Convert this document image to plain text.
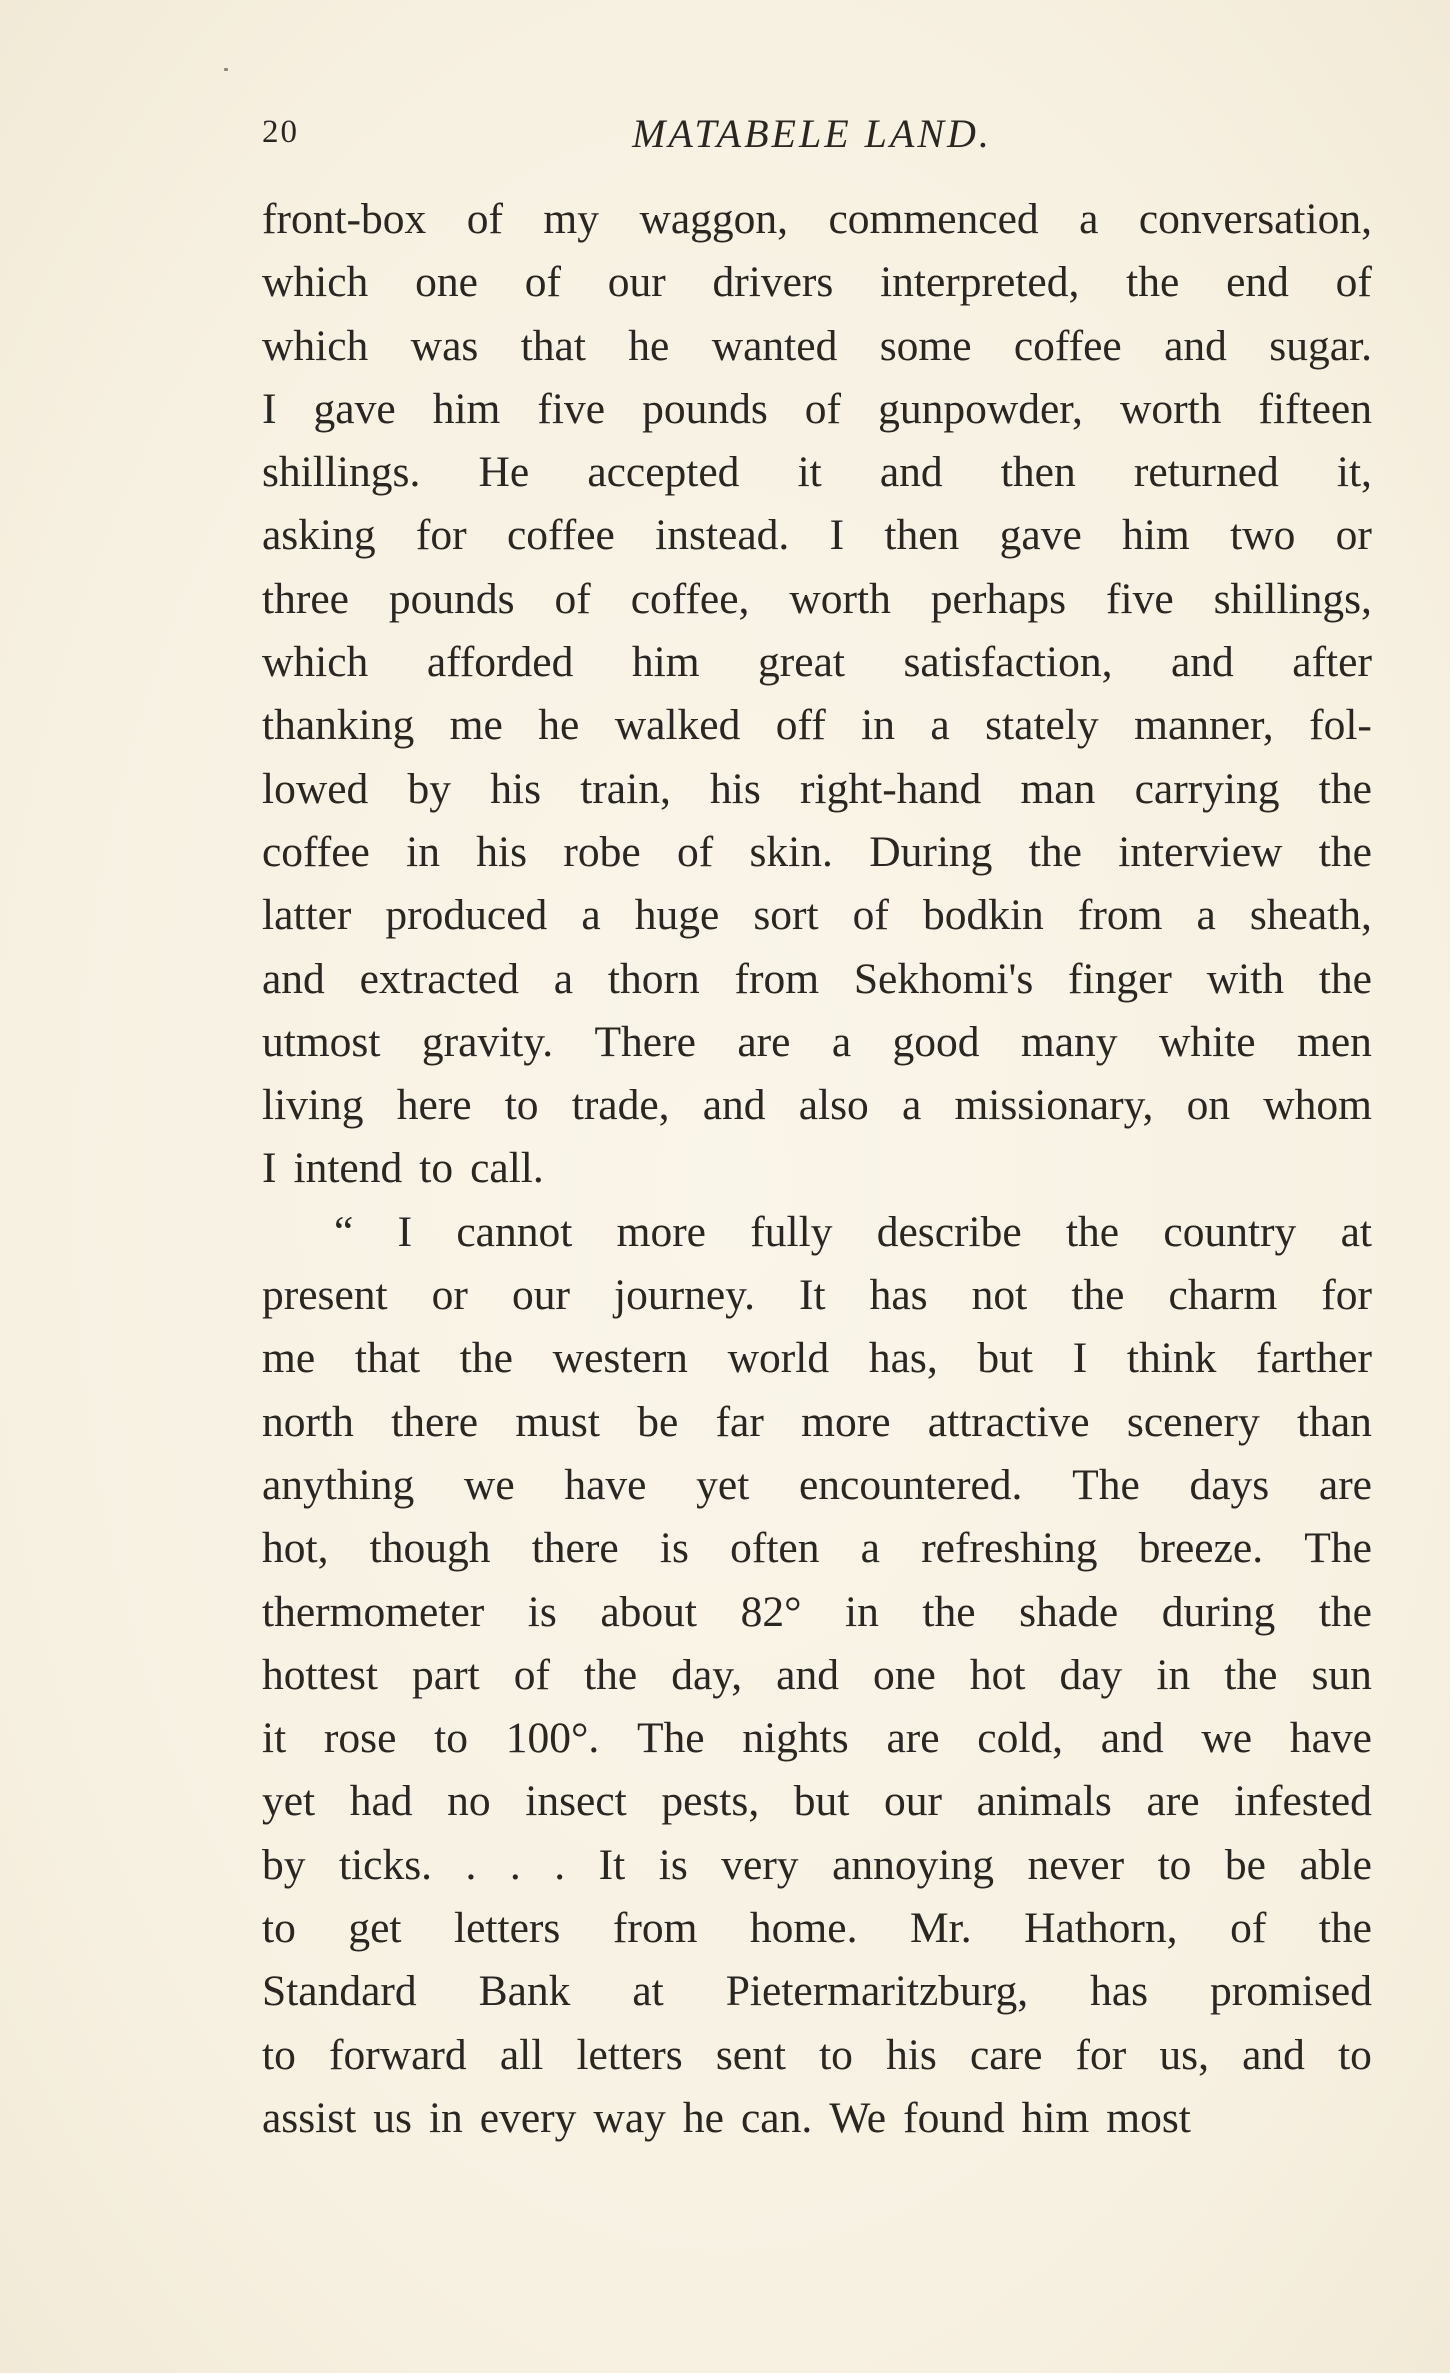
20	MATABELE LAND.
front-box of my waggon, commenced a conversation,
which one of our drivers interpreted, the end of
which was that he wanted some coffee and sugar.
I gave him five pounds of gunpowder, worth fifteen
shillings. He accepted it and then returned it,
asking for coffee instead. I then gave him two or
three pounds of coffee, worth perhaps five shillings,
which afforded him great satisfaction, and after
thanking me he walked off in a stately manner, fol-
lowed by his train, his right-hand man carrying the
coffee in his robe of skin. During the interview the
latter produced a huge sort of bodkin from a sheath,
and extracted a thorn from Sekhomi's finger with the
utmost gravity. There are a good many white men
living here to trade, and also a missionary, on whom
I intend to call.
“ I cannot more fully describe the country at
present or our journey. It has not the charm for
me that the western world has, but I think farther
north there must be far more attractive scenery than
anything we have yet encountered. The days are
hot, though there is often a refreshing breeze. The
thermometer is about 82° in the shade during the
hottest part of the day, and one hot day in the sun
it rose to 100°. The nights are cold, and we have
yet had no insect pests, but our animals are infested
by ticks. . . . It is very annoying never to be able
to get letters from home. Mr. Hathorn, of the
Standard Bank at Pietermaritzburg, has promised
to forward all letters sent to his care for us, and to
assist us in every way he can. We found him most
